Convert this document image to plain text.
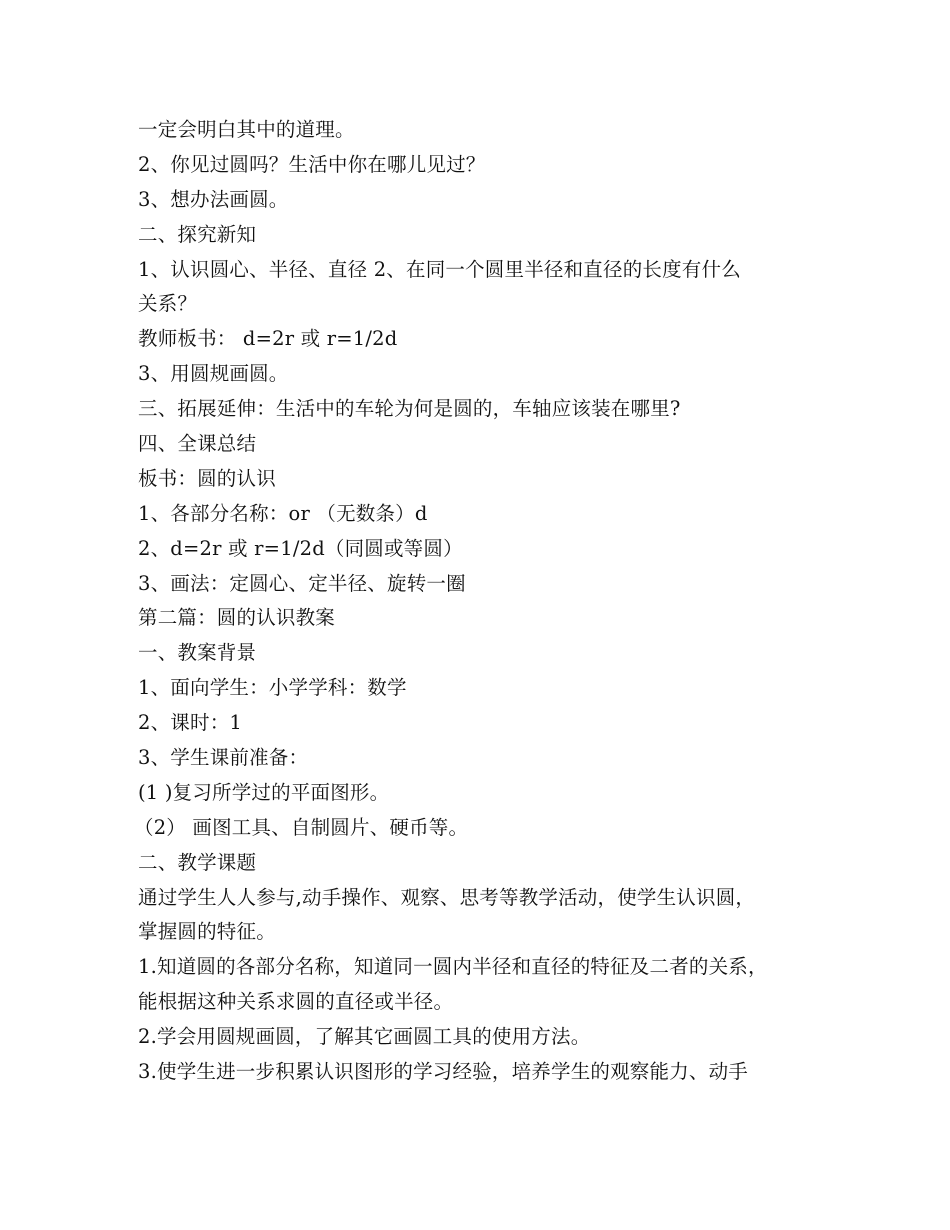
一定会明白其中的道理。
2、你见过圆吗？生活中你在哪儿见过？
3、想办法画圆。
二、探究新知
1、认识圆心、半径、直径 2、在同一个圆里半径和直径的长度有什么
关系？
教师板书： d=2r 或 r=1/2d
3、用圆规画圆。
三、拓展延伸：生活中的车轮为何是圆的，车轴应该装在哪里?
四、全课总结
板书：圆的认识
1、各部分名称：or （无数条）d
2、d=2r 或 r=1/2d（同圆或等圆）
3、画法：定圆心、定半径、旋转一圈
第二篇：圆的认识教案
一、教案背景
1、面向学生：小学学科：数学
2、课时：1
3、学生课前准备：
(1 )复习所学过的平面图形。
（2） 画图工具、自制圆片、硬币等。
二、教学课题
通过学生人人参与,动手操作、观察、思考等教学活动，使学生认识圆，
掌握圆的特征。
1.知道圆的各部分名称，知道同一圆内半径和直径的特征及二者的关系，
能根据这种关系求圆的直径或半径。
2.学会用圆规画圆，了解其它画圆工具的使用方法。
3.使学生进一步积累认识图形的学习经验，培养学生的观察能力、动手
